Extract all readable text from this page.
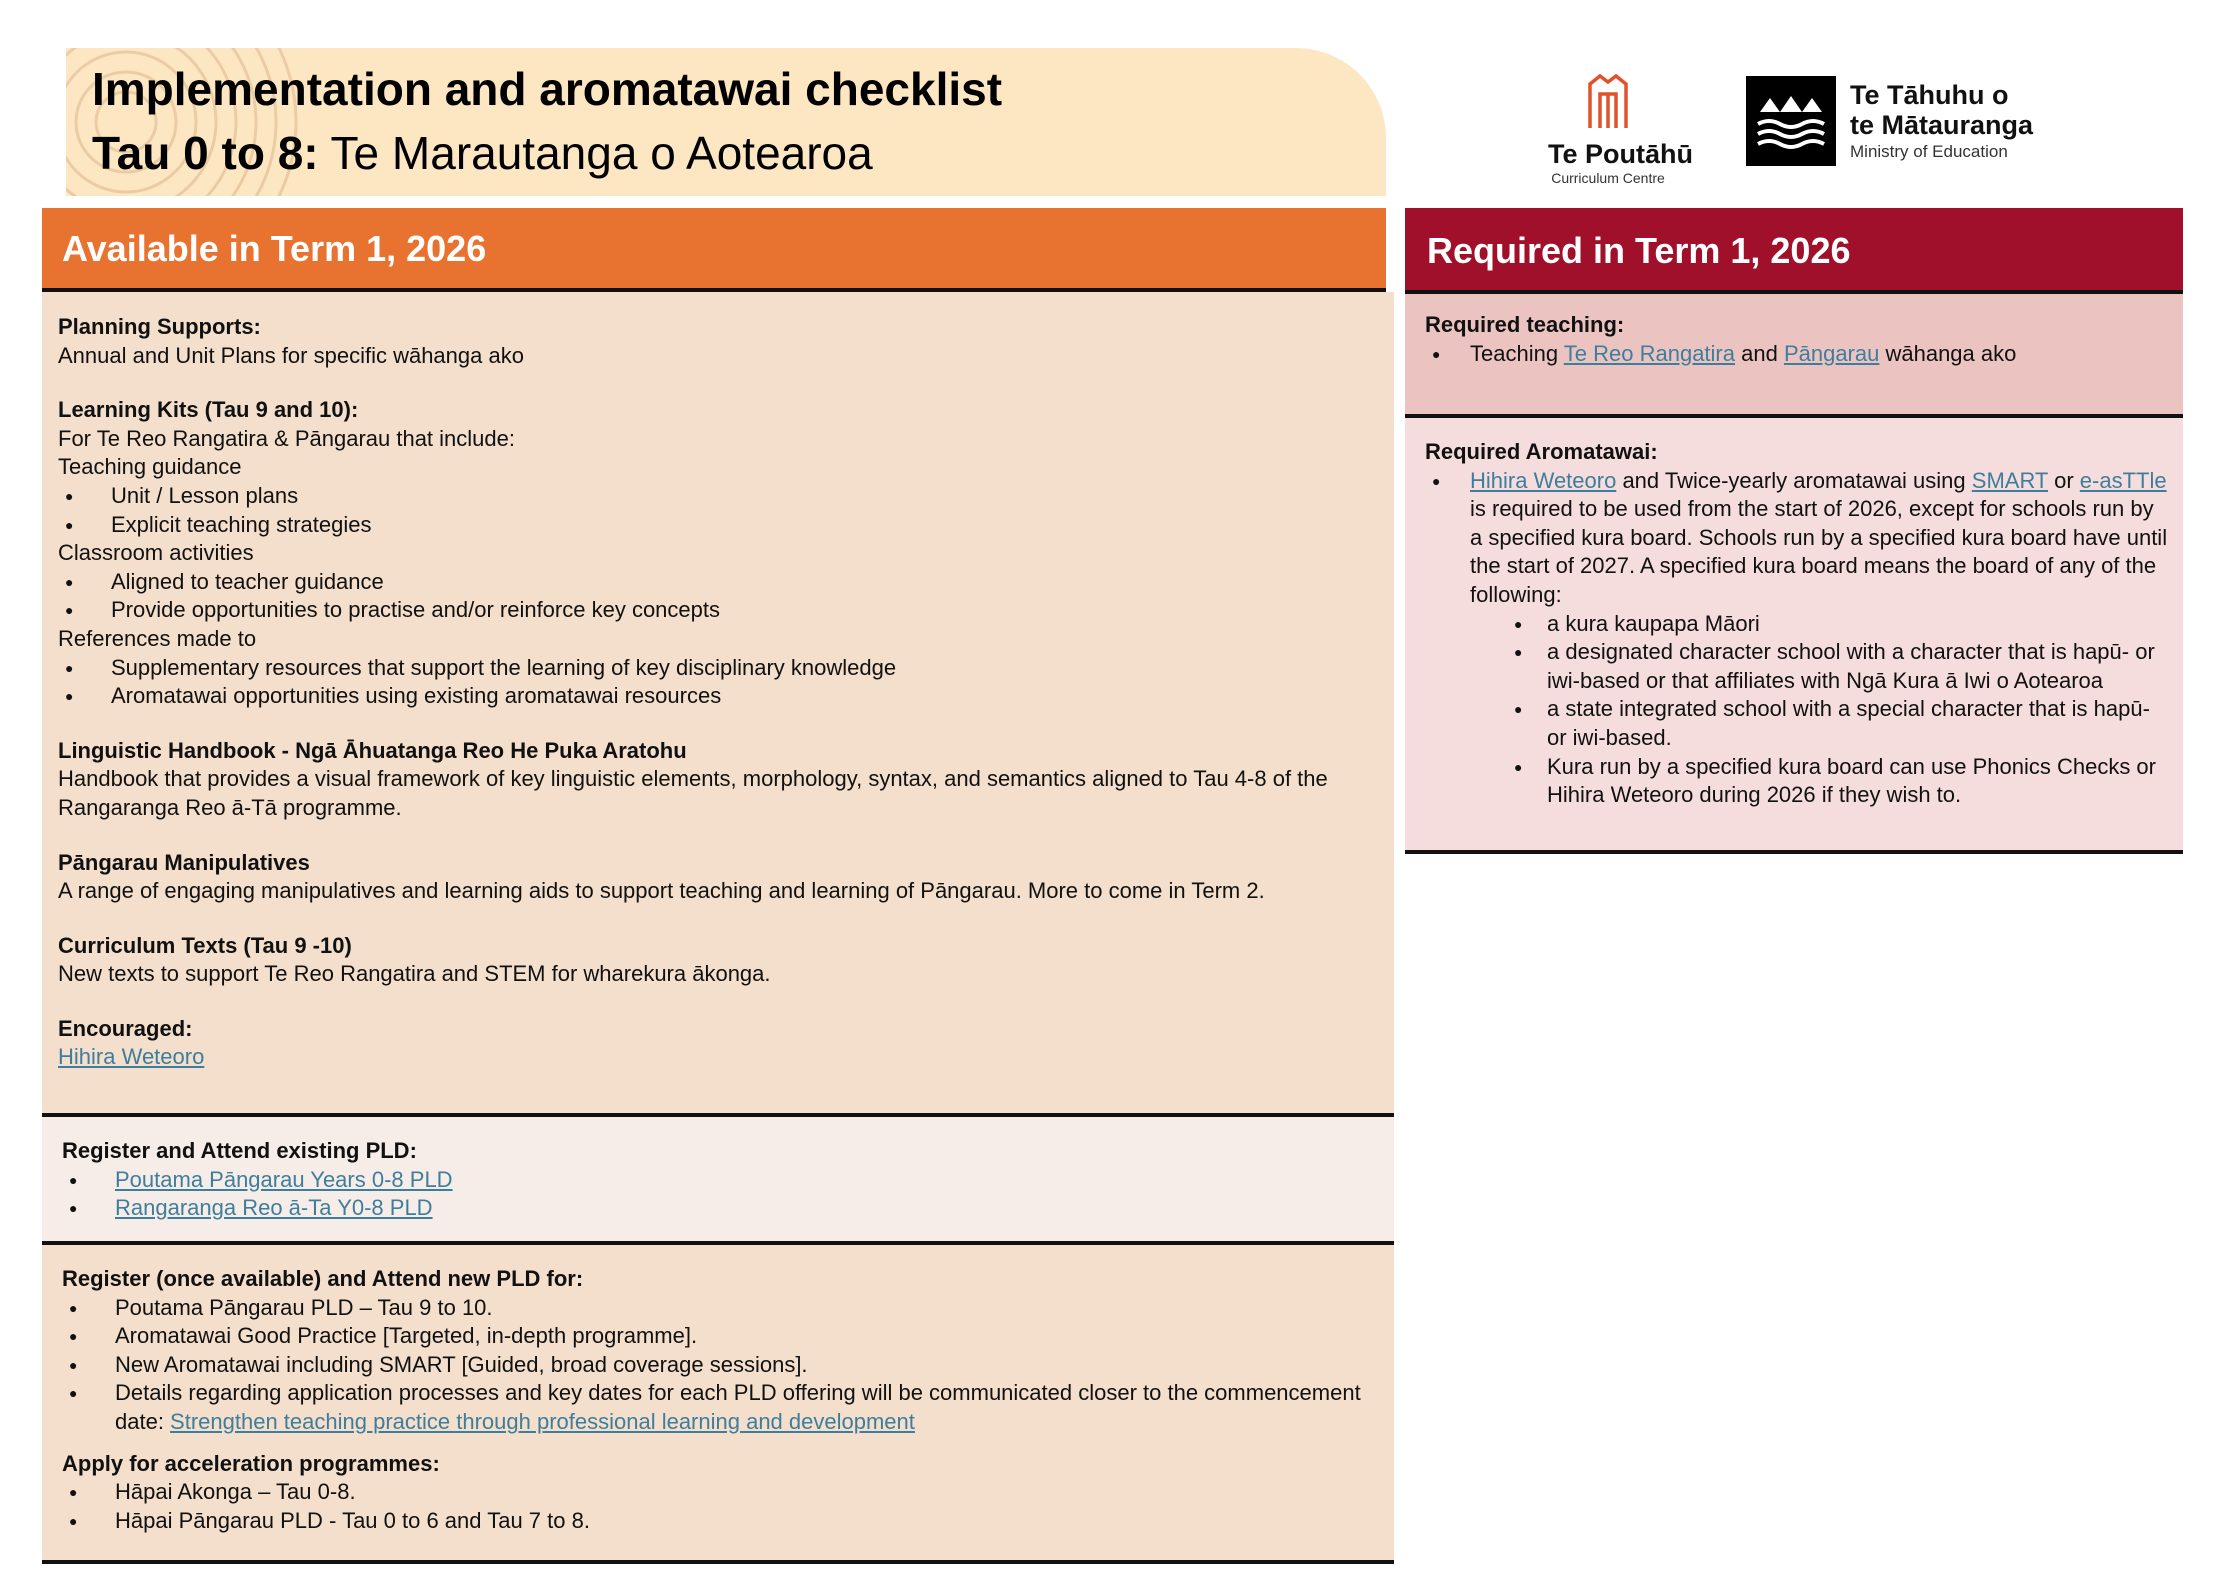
Implementation and aromatawai checklist
Tau 0 to 8: Te Marautanga o Aotearoa	Te Poutāhū
Curriculum Centre
Te Tāhuhu o
te Mātauranga
Ministry of Education
Available in Term 1, 2026
Planning Supports:
Annual and Unit Plans for specific wāhanga ako
Learning Kits (Tau 9 and 10):
For Te Reo Rangatira & Pāngarau that include:
Teaching guidance
● Unit / Lesson plans
● Explicit teaching strategies
Classroom activities
● Aligned to teacher guidance
● Provide opportunities to practise and/or reinforce key concepts
References made to
● Supplementary resources that support the learning of key disciplinary knowledge
● Aromatawai opportunities using existing aromatawai resources
Linguistic Handbook - Ngā Āhuatanga Reo He Puka Aratohu
Handbook that provides a visual framework of key linguistic elements, morphology, syntax, and semantics aligned to Tau 4-8 of the Rangaranga Reo ā-Tā programme.
Pāngarau Manipulatives
A range of engaging manipulatives and learning aids to support teaching and learning of Pāngarau. More to come in Term 2.
Curriculum Texts (Tau 9 -10)
New texts to support Te Reo Rangatira and STEM for wharekura ākonga.
Encouraged:
Hihira Weteoro
Register and Attend existing PLD:
● Poutama Pāngarau Years 0-8 PLD
● Rangaranga Reo ā-Ta Y0-8 PLD
Register (once available) and Attend new PLD for:
● Poutama Pāngarau PLD – Tau 9 to 10.
● Aromatawai Good Practice [Targeted, in-depth programme].
● New Aromatawai including SMART [Guided, broad coverage sessions].
● Details regarding application processes and key dates for each PLD offering will be communicated closer to the commencement date: Strengthen teaching practice through professional learning and development
Apply for acceleration programmes:
● Hāpai Akonga – Tau 0-8.
● Hāpai Pāngarau PLD - Tau 0 to 6 and Tau 7 to 8.
Required in Term 1, 2026
Required teaching:
● Teaching Te Reo Rangatira and Pāngarau wāhanga ako
Required Aromatawai:
● Hihira Weteoro and Twice-yearly aromatawai using SMART or e-asTTle is required to be used from the start of 2026, except for schools run by a specified kura board. Schools run by a specified kura board have until the start of 2027. A specified kura board means the board of any of the following:
● a kura kaupapa Māori
● a designated character school with a character that is hapū- or iwi-based or that affiliates with Ngā Kura ā Iwi o Aotearoa
● a state integrated school with a special character that is hapū- or iwi-based.
● Kura run by a specified kura board can use Phonics Checks or Hihira Weteoro during 2026 if they wish to.
